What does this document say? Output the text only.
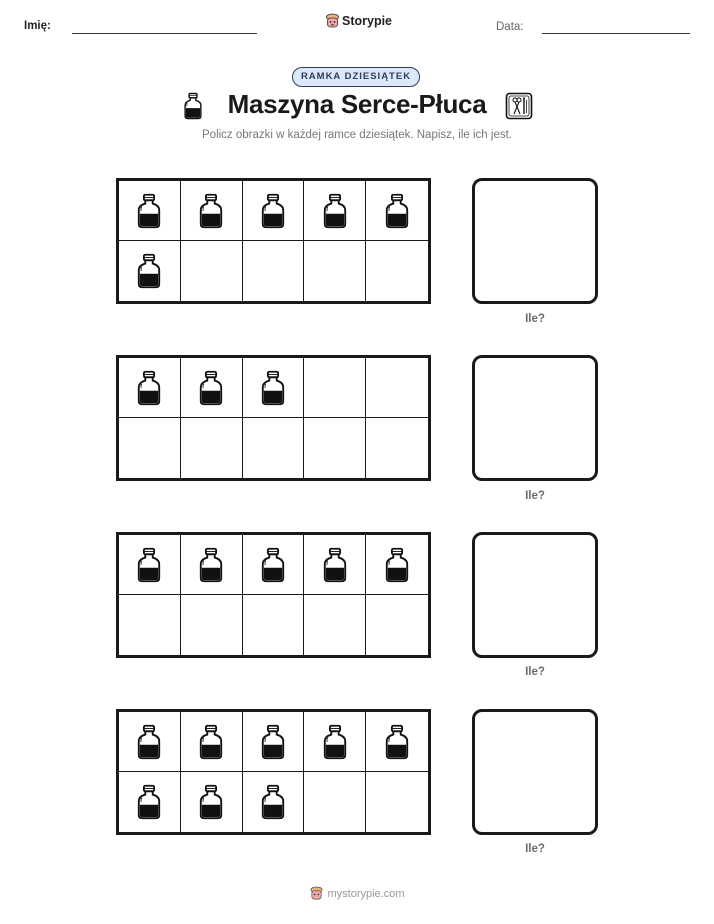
Imię:	Storypie	Data:
RAMKA DZIESIĄTEK
Maszyna Serce-Płuca
Policz obrazki w każdej ramce dziesiątek. Napisz, ile ich jest.
Ile?
Ile?
Ile?
Ile?
mystorypie.com
